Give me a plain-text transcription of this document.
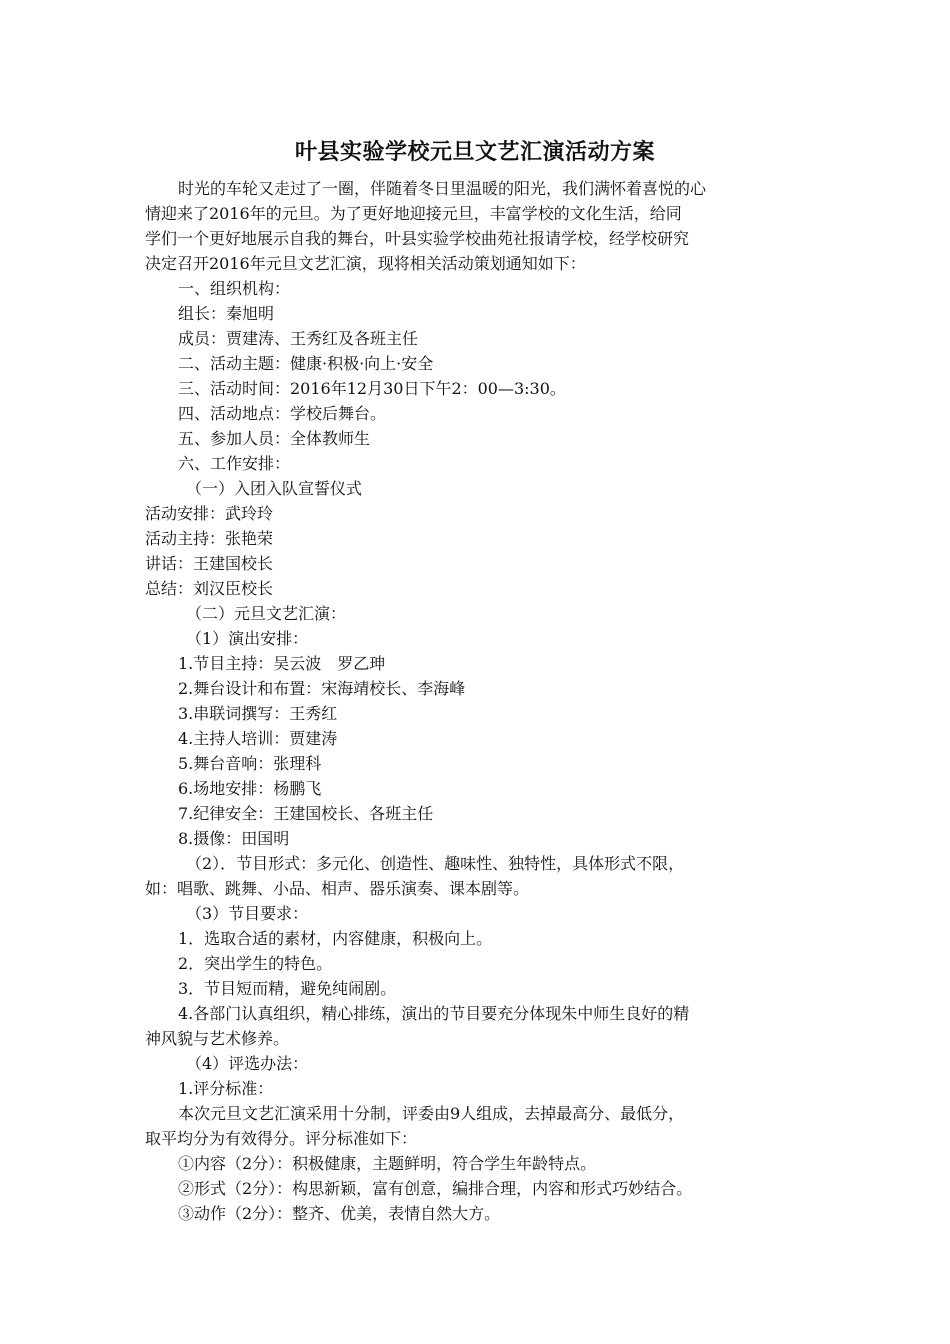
叶县实验学校元旦文艺汇演活动方案

时光的车轮又走过了一圈，伴随着冬日里温暖的阳光，我们满怀着喜悦的心

情迎来了2016年的元旦。为了更好地迎接元旦，丰富学校的文化生活，给同

学们一个更好地展示自我的舞台，叶县实验学校曲苑社报请学校，经学校研究

决定召开2016年元旦文艺汇演，现将相关活动策划通知如下：

一、组织机构：

组长：秦旭明

成员：贾建涛、王秀红及各班主任

二、活动主题：健康·积极·向上·安全

三、活动时间：2016年12月30日下午2：00—3:30。

四、活动地点：学校后舞台。

五、参加人员：全体教师生

六、工作安排：

（一）入团入队宣誓仪式

活动安排：武玲玲

活动主持：张艳荣

讲话：王建国校长

总结：刘汉臣校长

（二）元旦文艺汇演：

（1）演出安排：

1.节目主持：吴云波　罗乙珅

2.舞台设计和布置：宋海靖校长、李海峰

3.串联词撰写：王秀红

4.主持人培训：贾建涛

5.舞台音响：张理科

6.场地安排：杨鹏飞

7.纪律安全：王建国校长、各班主任

8.摄像：田国明

（2）．节目形式：多元化、创造性、趣味性、独特性，具体形式不限，

如：唱歌、跳舞、小品、相声、器乐演奏、课本剧等。

（3）节目要求：

1．选取合适的素材，内容健康，积极向上。

2．突出学生的特色。

3．节目短而精，避免纯闹剧。

4.各部门认真组织，精心排练，演出的节目要充分体现朱中师生良好的精

神风貌与艺术修养。

（4）评选办法：

1.评分标准：

本次元旦文艺汇演采用十分制，评委由9人组成，去掉最高分、最低分，

取平均分为有效得分。评分标准如下：

①内容（2分）：积极健康，主题鲜明，符合学生年龄特点。

②形式（2分）：构思新颖，富有创意，编排合理，内容和形式巧妙结合。

③动作（2分）：整齐、优美，表情自然大方。
